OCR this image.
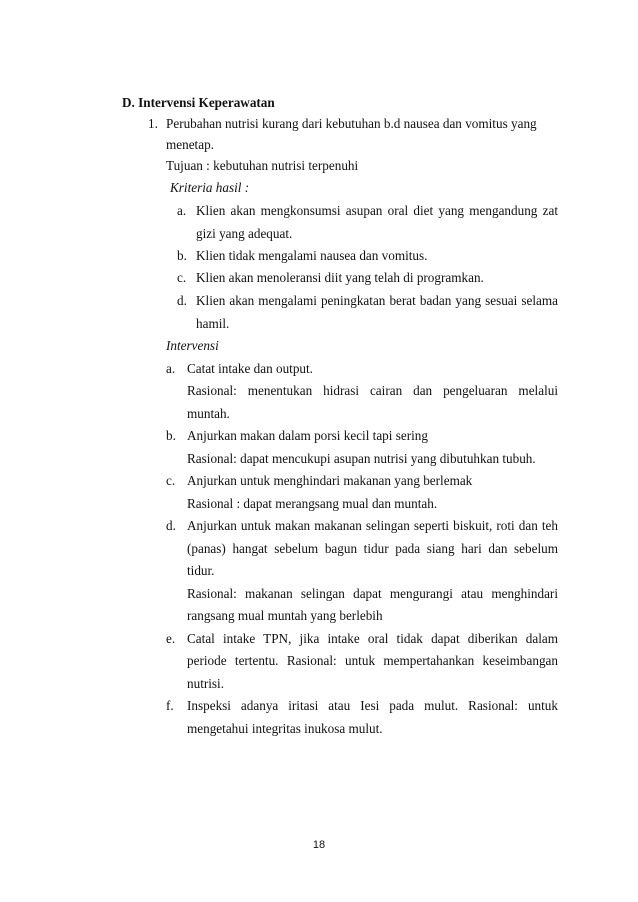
D. Intervensi Keperawatan
1. Perubahan nutrisi kurang dari kebutuhan b.d nausea dan vomitus yang
menetap.
Tujuan : kebutuhan nutrisi terpenuhi
Kriteria hasil :
a. Klien akan mengkonsumsi asupan oral diet yang mengandung zat
gizi yang adequat.
b. Klien tidak mengalami nausea dan vomitus.
c. Klien akan menoleransi diit yang telah di programkan.
d. Klien akan mengalami peningkatan berat badan yang sesuai selama
hamil.
Intervensi
a. Catat intake dan output.
Rasional: menentukan hidrasi cairan dan pengeluaran melalui
muntah.
b. Anjurkan makan dalam porsi kecil tapi sering
Rasional: dapat mencukupi asupan nutrisi yang dibutuhkan tubuh.
c. Anjurkan untuk menghindari makanan yang berlemak
Rasional : dapat merangsang mual dan muntah.
d. Anjurkan untuk makan makanan selingan seperti biskuit, roti dan teh
(panas) hangat sebelum bagun tidur pada siang hari dan sebelum
tidur.
Rasional: makanan selingan dapat mengurangi atau menghindari
rangsang mual muntah yang berlebih
e. Catal intake TPN, jika intake oral tidak dapat diberikan dalam
periode tertentu. Rasional: untuk mempertahankan keseimbangan
nutrisi.
f. Inspeksi adanya iritasi atau Iesi pada mulut. Rasional: untuk
mengetahui integritas inukosa mulut.
18
